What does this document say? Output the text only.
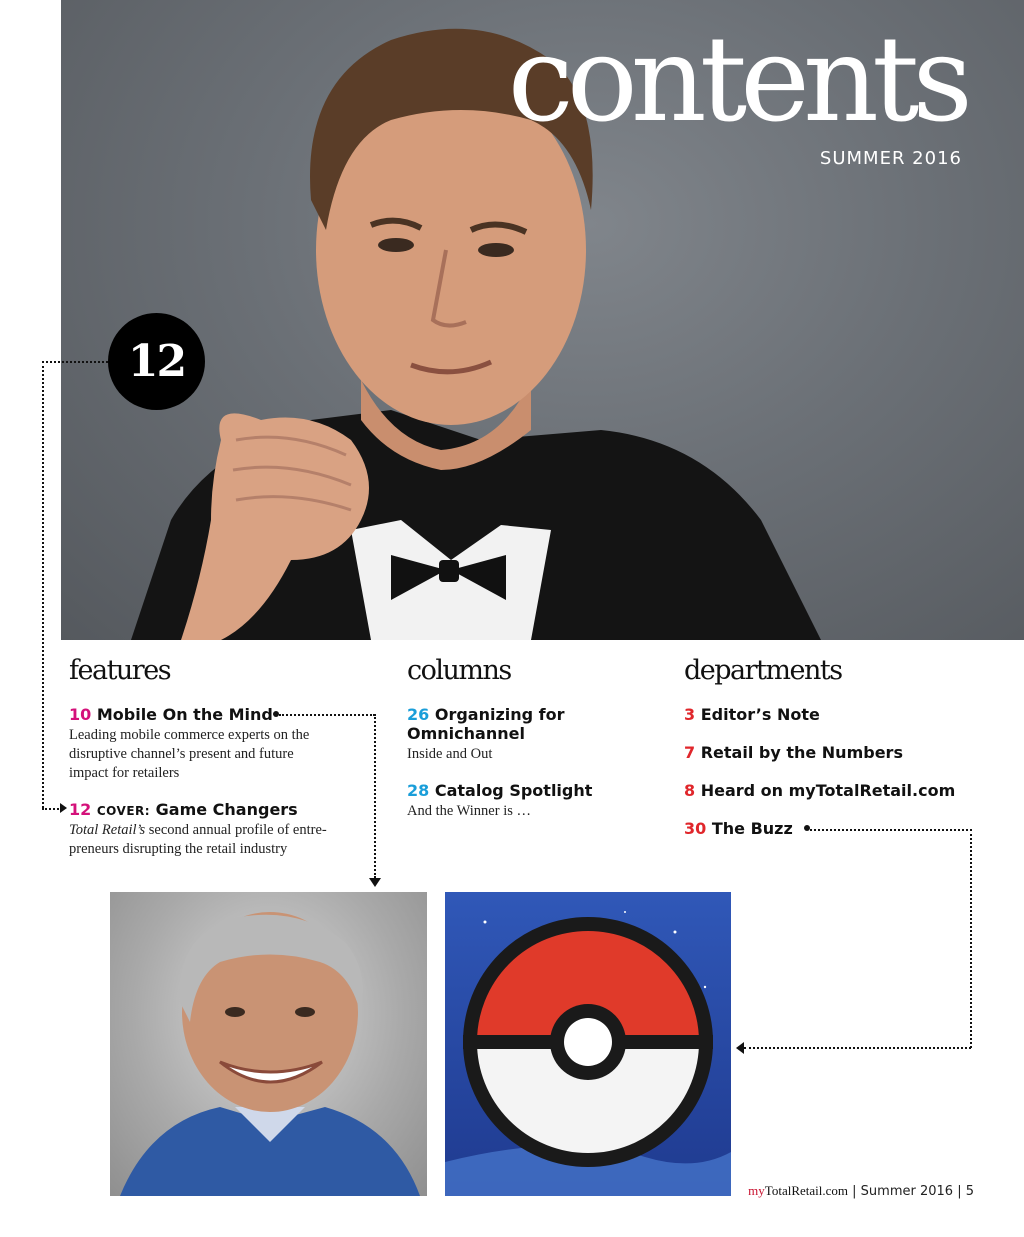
contents
SUMMER 2016
12
features
10 Mobile On the Mind
Leading mobile commerce experts on the
disruptive channel’s present and future
impact for retailers
12 COVER: Game Changers
Total Retail’s second annual profile of entre-
preneurs disrupting the retail industry
columns
26 Organizing for
Omnichannel
Inside and Out
28 Catalog Spotlight
And the Winner is …
departments
3 Editor’s Note
7 Retail by the Numbers
8 Heard on myTotalRetail.com
30 The Buzz
myTotalRetail.com | Summer 2016 | 5
